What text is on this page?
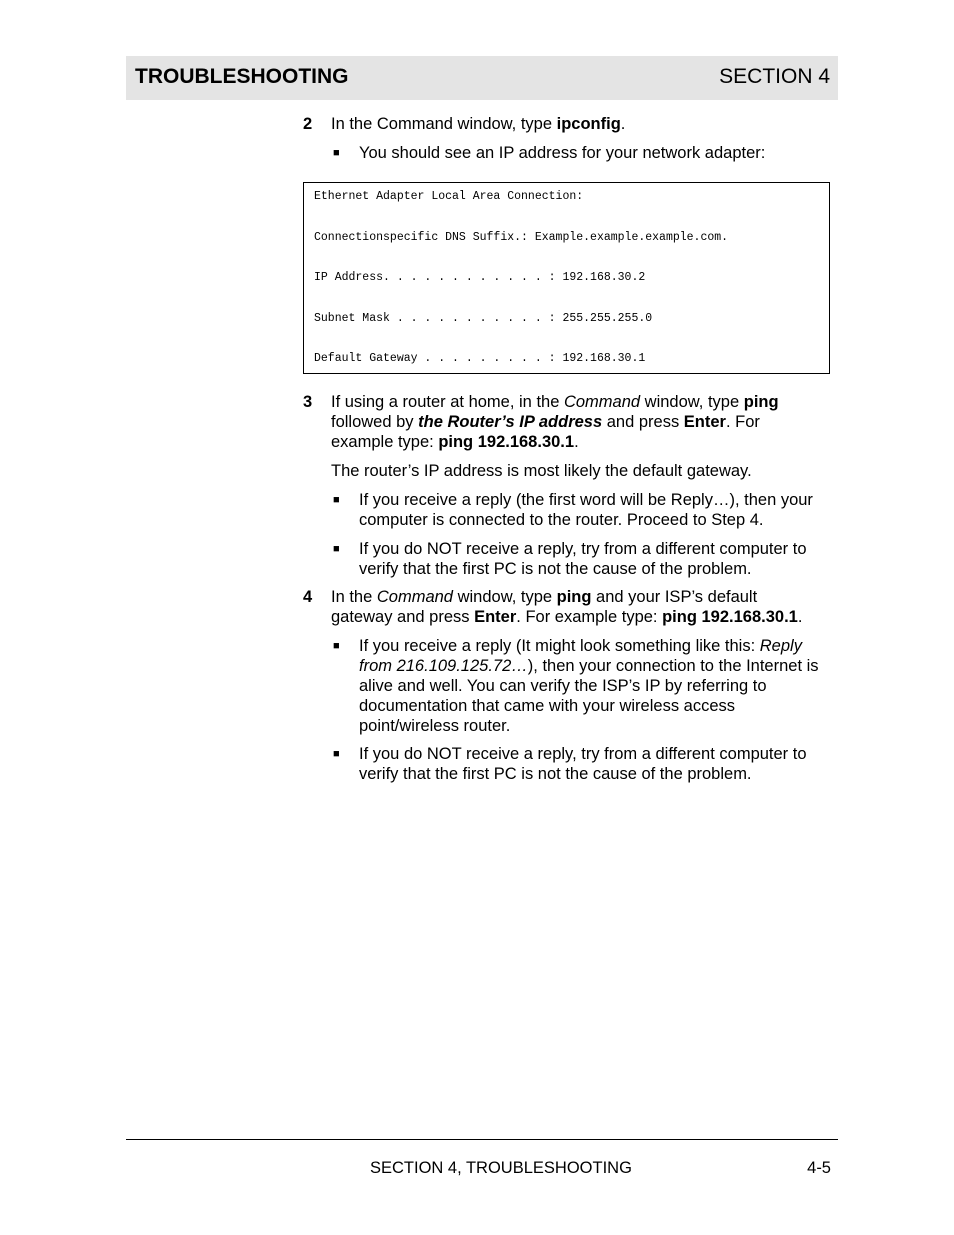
TROUBLESHOOTING	SECTION 4
2 In the Command window, type ipconfig.
■ You should see an IP address for your network adapter:
3 If using a router at home, in the Command window, type ping
followed by the Router’s IP address and press Enter. For
example type: ping 192.168.30.1.
The router’s IP address is most likely the default gateway.
■ If you receive a reply (the first word will be Reply…), then your computer is connected to the router. Proceed to Step 4.
■ If you do NOT receive a reply, try from a different computer to verify that the first PC is not the cause of the problem.
4 In the Command window, type ping and your ISP’s default
gateway and press Enter. For example type: ping 192.168.30.1.
■ If you receive a reply (It might look something like this: Reply from 216.109.125.72…), then your connection to the Internet is alive and well. You can verify the ISP’s IP by referring to documentation that came with your wireless access point/wireless router.
■ If you do NOT receive a reply, try from a different computer to verify that the first PC is not the cause of the problem.
Ethernet Adapter Local Area Connection:
Connectionspecific DNS Suffix.: Example.example.example.com.
IP Address. . . . . . . . . . . . : 192.168.30.2
Subnet Mask . . . . . . . . . . . : 255.255.255.0
Default Gateway . . . . . . . . . : 192.168.30.1
SECTION 4, TROUBLESHOOTING	4-5
